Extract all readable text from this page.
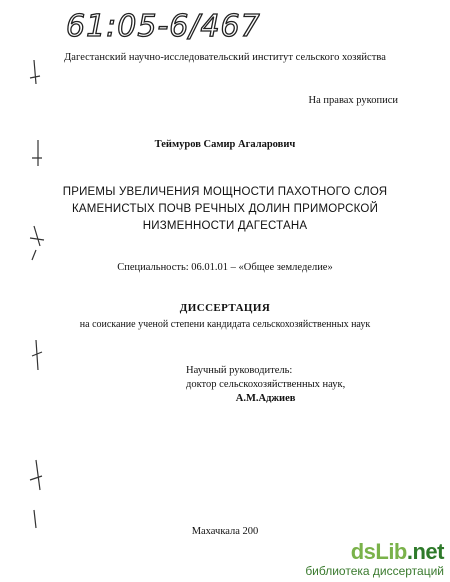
61:05-6/467
Дагестанский научно-исследовательский институт сельского хозяйства
На правах рукописи
Теймуров Самир Агаларович
ПРИЕМЫ УВЕЛИЧЕНИЯ МОЩНОСТИ ПАХОТНОГО СЛОЯ
КАМЕНИСТЫХ ПОЧВ РЕЧНЫХ ДОЛИН ПРИМОРСКОЙ
НИЗМЕННОСТИ ДАГЕСТАНА
Специальность: 06.01.01 – «Общее земледелие»
ДИССЕРТАЦИЯ
на соискание ученой степени кандидата сельскохозяйственных наук
Научный руководитель:
доктор сельскохозяйственных наук,
А.М.Аджиев
Махачкала 200
dsLib.net
библиотека диссертаций
